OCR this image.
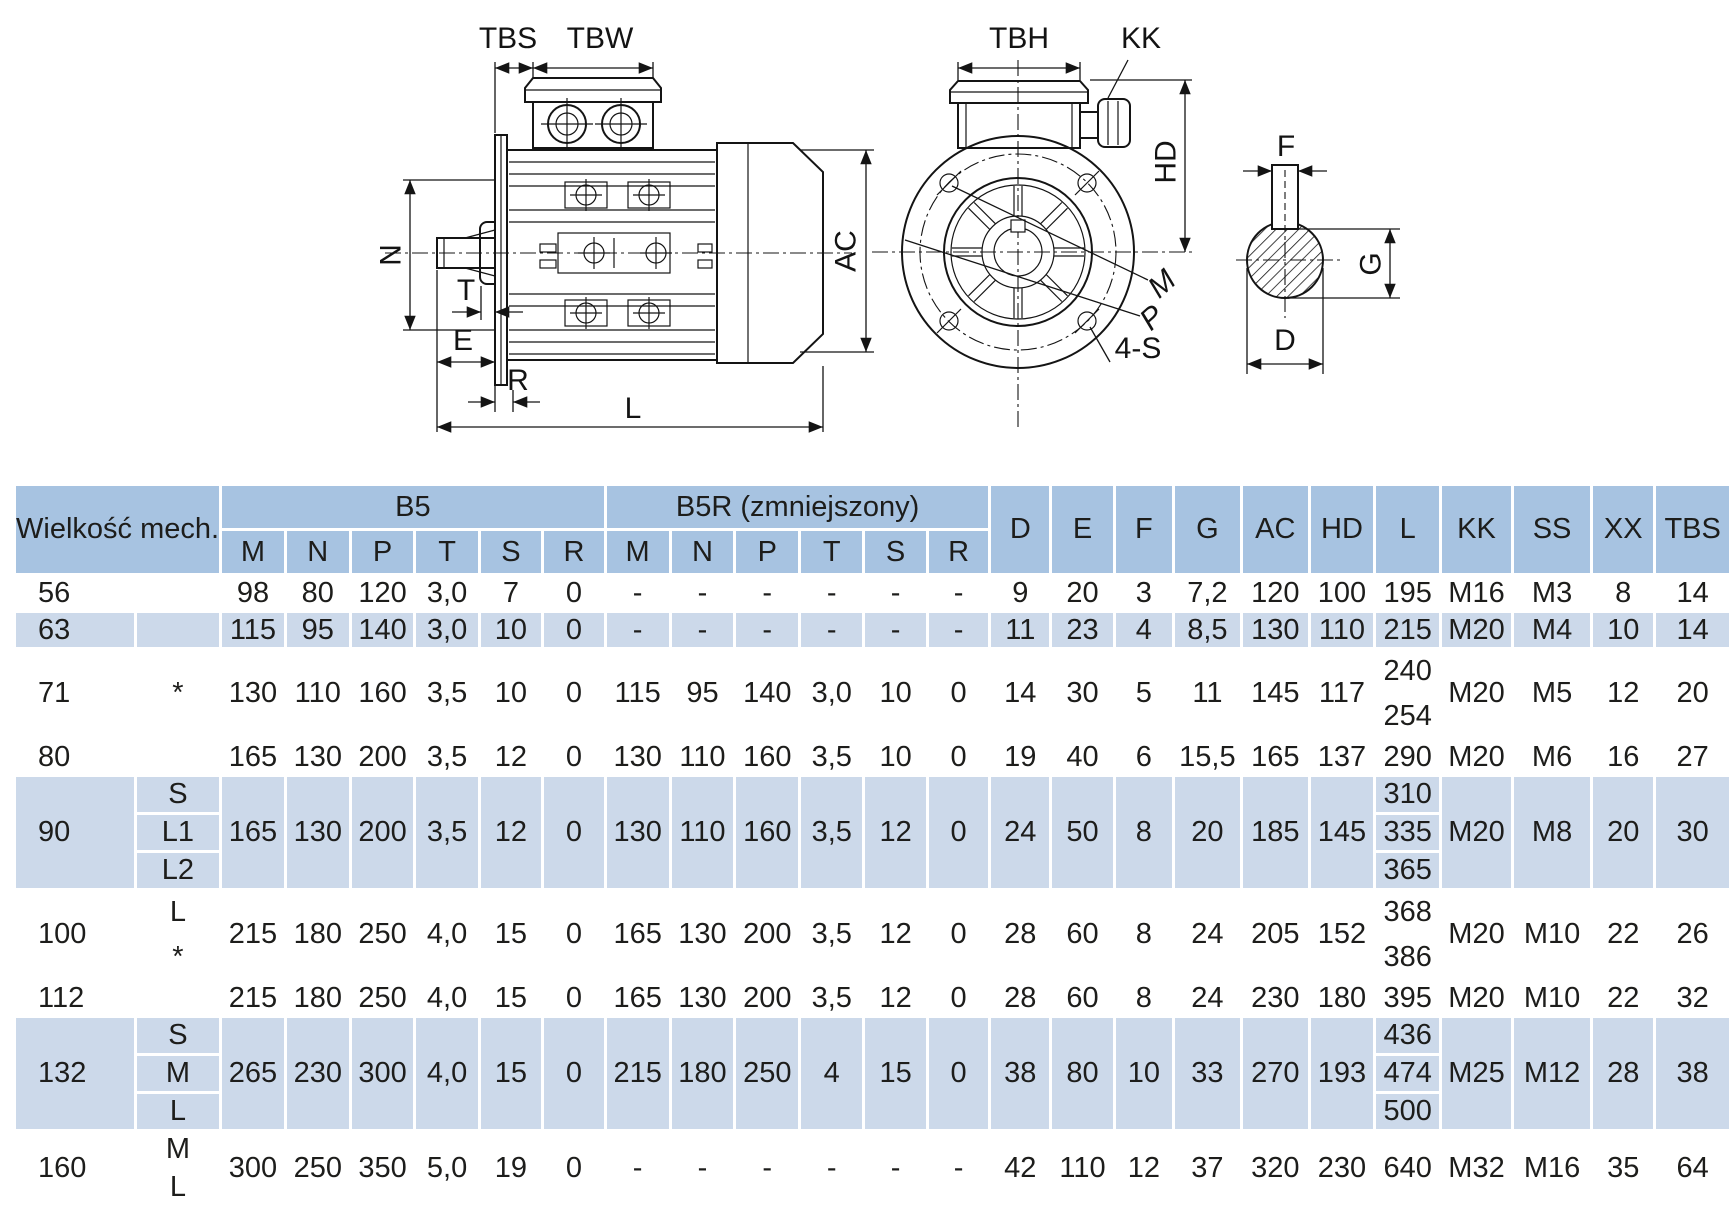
TBS TBW
N	AC
T
E
R
L
TBH KK
HD
M
P
4-S
F
G
D
Wielkość mech.		B5						B5R (zmniejszony)						D	E	F	G	AC	HD	L	KK	SS	XX	TBS
		M	N	P	T	S	R	M	N	P	T	S	R											
56		98	80	120	3,0	7	0	-	-	-	-	-	-	9	20	3	7,2	120	100	195	M16	M3	8	14
63		115	95	140	3,0	10	0	-	-	-	-	-	-	11	23	4	8,5	130	110	215	M20	M4	10	14
71	*	130	110	160	3,5	10	0	115	95	140	3,0	10	0	14	30	5	11	145	117	240	M20	M5	12	20
																				254				
80		165	130	200	3,5	12	0	130	110	160	3,5	10	0	19	40	6	15,5	165	137	290	M20	M6	16	27
90	S	165	130	200	3,5	12	0	130	110	160	3,5	12	0	24	50	8	20	185	145	310	M20	M8	20	30
	L1																			335				
	L2																			365				
100	L	215	180	250	4,0	15	0	165	130	200	3,5	12	0	28	60	8	24	205	152	368	M20	M10	22	26
	*																			386				
112		215	180	250	4,0	15	0	165	130	200	3,5	12	0	28	60	8	24	230	180	395	M20	M10	22	32
132	S	265	230	300	4,0	15	0	215	180	250	4	15	0	38	80	10	33	270	193	436	M25	M12	28	38
	M																			474				
	L																			500				
160	M	300	250	350	5,0	19	0	-	-	-	-	-	-	42	110	12	37	320	230	640	M32	M16	35	64
	L																							
